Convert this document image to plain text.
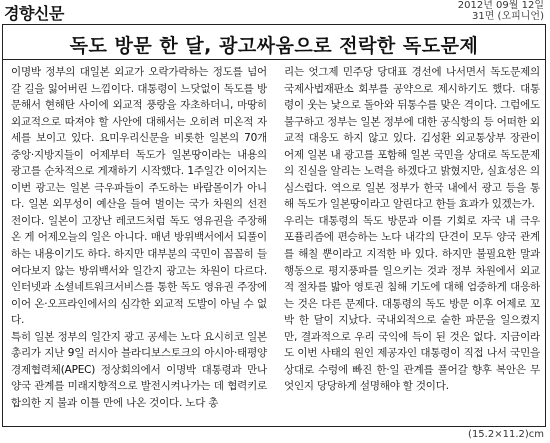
경향신문	2012년 09월 12일
31면 (오피니언)
독도 방문 한 달, 광고싸움으로 전락한 독도문제

이명박 정부의 대일본 외교가 오락가락하는 정도를 넘어 갈 길을 잃어버린 느낌이다. 대통령이 느닷없이 독도를 방문해서 현해탄 사이에 외교적 풍랑을 자초하더니, 마땅히 외교적으로 따져야 할 사안에 대해서는 오히려 미온적 자세를 보이고 있다. 요미우리신문을 비롯한 일본의 70개 중앙·지방지들이 어제부터 독도가 일본땅이라는 내용의 광고를 순차적으로 게재하기 시작했다. 1주일간 이어지는 이번 광고는 일본 극우파들이 주도하는 바람몰이가 아니다. 일본 외무성이 예산을 들여 벌이는 국가 차원의 선전전이다. 일본이 고장난 레코드처럼 독도 영유권을 주장해온 게 어제오늘의 일은 아니다. 매년 방위백서에서 되풀이하는 내용이기도 하다. 하지만 대부분의 국민이 꼼꼼히 들여다보지 않는 방위백서와 일간지 광고는 차원이 다르다. 인터넷과 소셜네트워크서비스를 통한 독도 영유권 주장에 이어 온·오프라인에서의 심각한 외교적 도발이 아닐 수 없다.

특히 일본 정부의 일간지 광고 공세는 노다 요시히코 일본 총리가 지난 9일 러시아 블라디보스토크의 아시아·태평양경제협력체(APEC) 정상회의에서 이명박 대통령과 만나 양국 관계를 미래지향적으로 발전시켜나가는 데 협력키로 합의한 지 불과 이틀 만에 나온 것이다. 노다 총

리는 엇그제 민주당 당대표 경선에 나서면서 독도문제의 국제사법재판소 회부를 공약으로 제시하기도 했다. 대통령이 웃는 낯으로 돌아와 뒤통수를 맞은 격이다. 그럼에도 불구하고 정부는 일본 정부에 대한 공식항의 등 어떠한 외교적 대응도 하지 않고 있다. 김성환 외교통상부 장관이 어제 일본 내 광고를 포함해 일본 국민을 상대로 독도문제의 진실을 알리는 노력을 하겠다고 밝혔지만, 실효성은 의심스럽다. 역으로 일본 정부가 한국 내에서 광고 등을 통해 독도가 일본땅이라고 알린다고 한들 효과가 있겠는가.

우리는 대통령의 독도 방문과 이를 기회로 자국 내 극우 포퓰리즘에 편승하는 노다 내각의 단견이 모두 양국 관계를 해칠 뿐이라고 지적한 바 있다. 하지만 불필요한 말과 행동으로 평지풍파를 일으키는 것과 정부 차원에서 외교적 절차를 밟아 영토권 침해 기도에 대해 엄중하게 대응하는 것은 다른 문제다. 대통령의 독도 방문 이후 어제로 꼬박 한 달이 지났다. 국내외적으로 숱한 파문을 일으켰지만, 결과적으로 우리 국익에 득이 된 것은 없다. 지금이라도 이번 사태의 원인 제공자인 대통령이 직접 나서 국민을 상대로 수렁에 빠진 한·일 관계를 풀어갈 향후 복안은 무엇인지 당당하게 설명해야 할 것이다.

(15.2×11.2)cm
